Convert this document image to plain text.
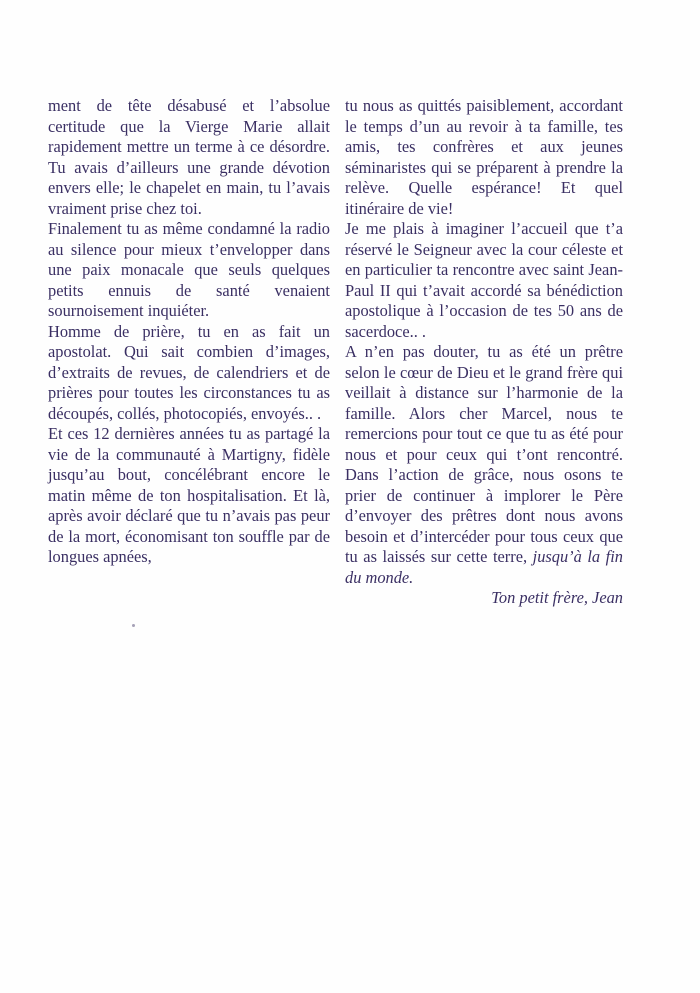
ment de tête désabusé et l’absolue certitude que la Vierge Marie allait rapidement mettre un terme à ce désordre. Tu avais d’ailleurs une grande dévotion envers elle; le chapelet en main, tu l’avais vraiment prise chez toi.

Finalement tu as même condamné la radio au silence pour mieux t’envelopper dans une paix monacale que seuls quelques petits ennuis de santé venaient sournoisement inquiéter.

Homme de prière, tu en as fait un apostolat. Qui sait combien d’images, d’extraits de revues, de calendriers et de prières pour toutes les circonstances tu as découpés, collés, photocopiés, envoyés.. .

Et ces 12 dernières années tu as partagé la vie de la communauté à Martigny, fidèle jusqu’au bout, concélébrant encore le matin même de ton hospitalisation. Et là, après avoir déclaré que tu n’avais pas peur de la mort, économisant ton souffle par de longues apnées,

tu nous as quittés paisiblement, accordant le temps d’un au revoir à ta famille, tes amis, tes confrères et aux jeunes séminaristes qui se préparent à prendre la relève. Quelle espérance! Et quel itinéraire de vie!

Je me plais à imaginer l’accueil que t’a réservé le Seigneur avec la cour céleste et en particulier ta rencontre avec saint Jean-Paul II qui t’avait accordé sa bénédiction apostolique à l’occasion de tes 50 ans de sacerdoce.. .

A n’en pas douter, tu as été un prêtre selon le cœur de Dieu et le grand frère qui veillait à distance sur l’harmonie de la famille. Alors cher Marcel, nous te remercions pour tout ce que tu as été pour nous et pour ceux qui t’ont rencontré. Dans l’action de grâce, nous osons te prier de continuer à implorer le Père d’envoyer des prêtres dont nous avons besoin et d’intercéder pour tous ceux que tu as laissés sur cette terre, jusqu’à la fin du monde.

Ton petit frère, Jean
